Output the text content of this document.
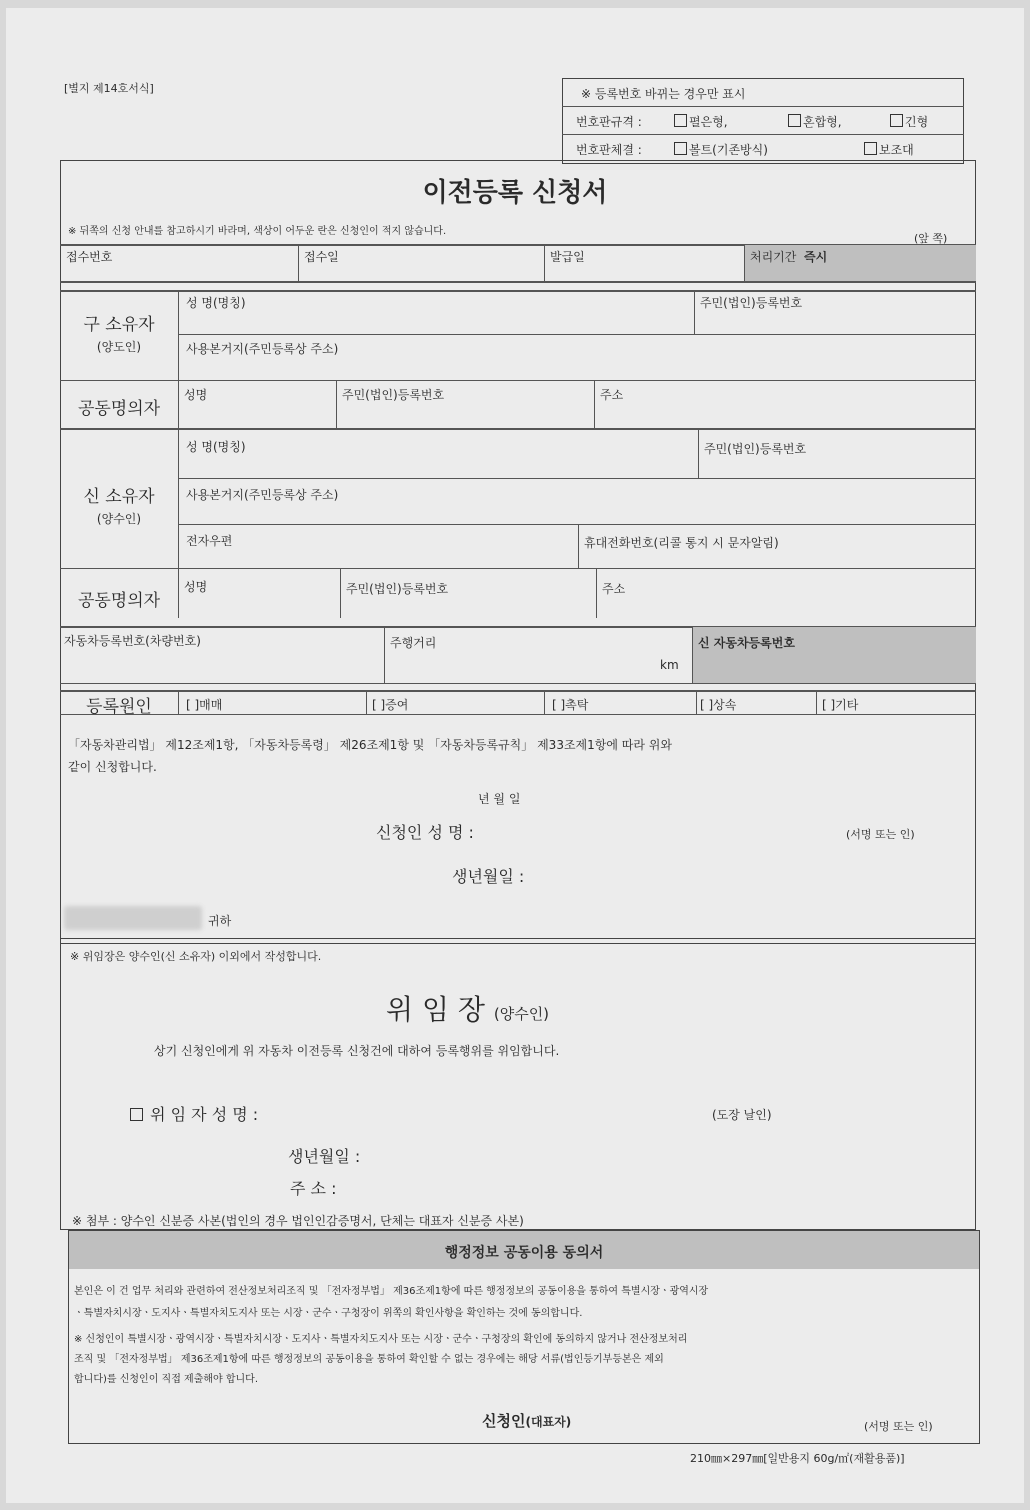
[별지 제14호서식]	※ 등록번호 바뀌는 경우만 표시
번호판규격 :	펼은형,	혼합형,	긴형
번호판체결 :	볼트(기존방식)	보조대
이전등록 신청서
※ 뒤쪽의 신청 안내를 참고하시기 바라며, 색상이 어두운 란은 신청인이 적지 않습니다.
(앞 쪽)
접수번호	접수일	발급일	처리기간 즉시
구 소유자
(양도인)
성 명(명칭)	주민(법인)등록번호
사용본거지(주민등록상 주소)
공동명의자
성명	주민(법인)등록번호	주소
신 소유자
(양수인)
성 명(명칭)	주민(법인)등록번호
사용본거지(주민등록상 주소)
전자우편	휴대전화번호(리콜 통지 시 문자알림)
공동명의자
성명	주민(법인)등록번호	주소
자동차등록번호(차량번호)	주행거리
km
신 자동차등록번호
등록원인	[ ]매매	[ ]증여	[ ]촉탁	[ ]상속	[ ]기타
「자동차관리법」 제12조제1항, 「자동차등록령」 제26조제1항 및 「자동차등록규칙」 제33조제1항에 따라 위와
같이 신청합니다.
년 월 일
신청인 성 명 :	(서명 또는 인)
생년월일 :
귀하
※ 위임장은 양수인(신 소유자) 이외에서 작성합니다.
위 임 장 (양수인)
상기 신청인에게 위 자동차 이전등록 신청건에 대하여 등록행위를 위임합니다.
위 임 자 성 명 :	(도장 날인)
생년월일 :
주 소 :
※ 첨부 : 양수인 신분증 사본(법인의 경우 법인인감증명서, 단체는 대표자 신분증 사본)
행정정보 공동이용 동의서
본인은 이 건 업무 처리와 관련하여 전산정보처리조직 및 「전자정부법」 제36조제1항에 따른 행정정보의 공동이용을 통하여 특별시장ㆍ광역시장
ㆍ특별자치시장ㆍ도지사ㆍ특별자치도지사 또는 시장ㆍ군수ㆍ구청장이 위쪽의 확인사항을 확인하는 것에 동의합니다.
※ 신청인이 특별시장ㆍ광역시장ㆍ특별자치시장ㆍ도지사ㆍ특별자치도지사 또는 시장ㆍ군수ㆍ구청장의 확인에 동의하지 않거나 전산정보처리
조직 및 「전자정부법」 제36조제1항에 따른 행정정보의 공동이용을 통하여 확인할 수 없는 경우에는 해당 서류(법인등기부등본은 제외
합니다)를 신청인이 직접 제출해야 합니다.
신청인(대표자)	(서명 또는 인)
210㎜×297㎜[일반용지 60g/㎡(재활용품)]
